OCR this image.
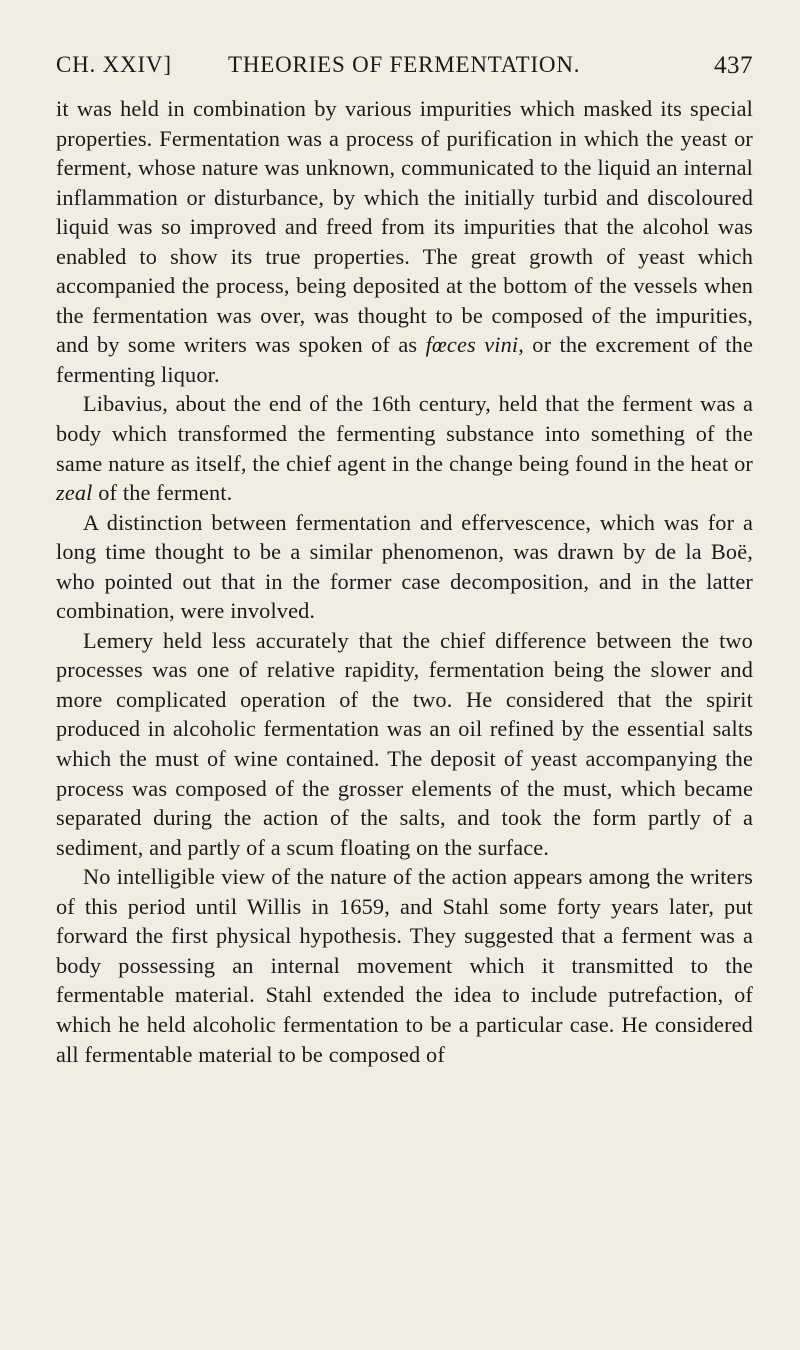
CH. XXIV] THEORIES OF FERMENTATION.	437

it was held in combination by various impurities which masked its special properties. Fermentation was a process of purification in which the yeast or ferment, whose nature was unknown, communicated to the liquid an internal inflammation or disturbance, by which the initially turbid and discoloured liquid was so improved and freed from its impurities that the alcohol was enabled to show its true properties. The great growth of yeast which accompanied the process, being deposited at the bottom of the vessels when the fermentation was over, was thought to be composed of the impurities, and by some writers was spoken of as fœces vini, or the excrement of the fermenting liquor.

Libavius, about the end of the 16th century, held that the ferment was a body which transformed the fermenting substance into something of the same nature as itself, the chief agent in the change being found in the heat or zeal of the ferment.

A distinction between fermentation and effervescence, which was for a long time thought to be a similar phenomenon, was drawn by de la Boë, who pointed out that in the former case decomposition, and in the latter combination, were involved.

Lemery held less accurately that the chief difference between the two processes was one of relative rapidity, fermentation being the slower and more complicated operation of the two. He considered that the spirit produced in alcoholic fermentation was an oil refined by the essential salts which the must of wine contained. The deposit of yeast accompanying the process was composed of the grosser elements of the must, which became separated during the action of the salts, and took the form partly of a sediment, and partly of a scum floating on the surface.

No intelligible view of the nature of the action appears among the writers of this period until Willis in 1659, and Stahl some forty years later, put forward the first physical hypothesis. They suggested that a ferment was a body possessing an internal movement which it transmitted to the fermentable material. Stahl extended the idea to include putrefaction, of which he held alcoholic fermentation to be a particular case. He considered all fermentable material to be composed of
